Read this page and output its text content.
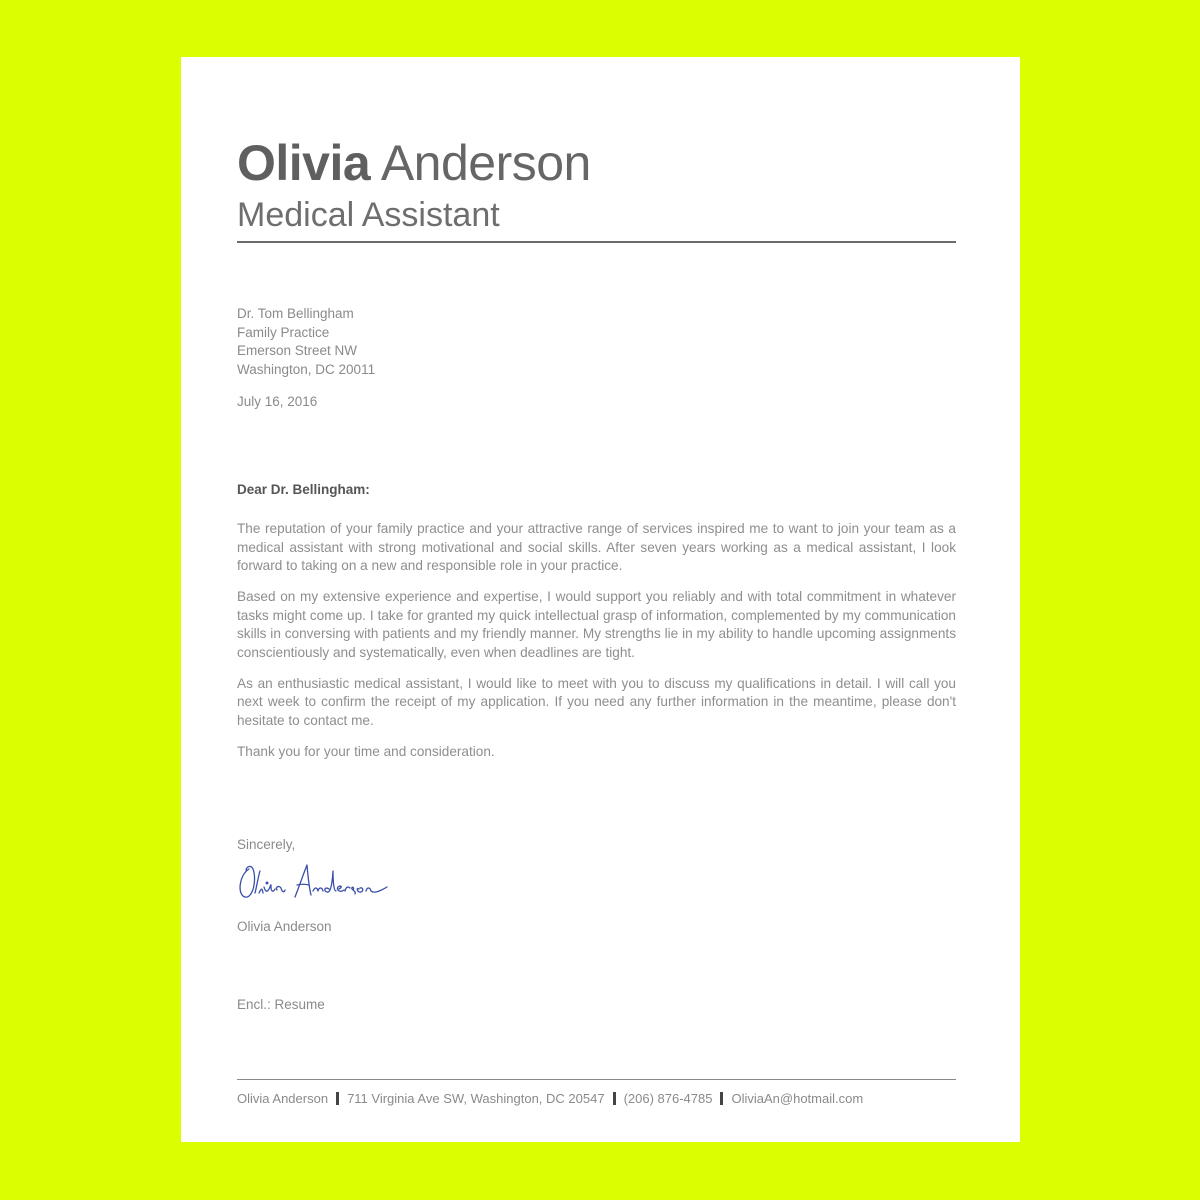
Olivia Anderson
Medical Assistant
Dr. Tom Bellingham
Family Practice
Emerson Street NW
Washington, DC 20011
July 16, 2016
Dear Dr. Bellingham:

The reputation of your family practice and your attractive range of services inspired me to want to join your team as a medical assistant with strong motivational and social skills. After seven years working as a medical assistant, I look forward to taking on a new and responsible role in your practice.

Based on my extensive experience and expertise, I would support you reliably and with total commitment in whatever tasks might come up. I take for granted my quick intellectual grasp of information, complemented by my communication skills in conversing with patients and my friendly manner. My strengths lie in my ability to handle upcoming assignments conscientiously and systematically, even when deadlines are tight.

As an enthusiastic medical assistant, I would like to meet with you to discuss my qualifications in detail. I will call you next week to confirm the receipt of my application. If you need any further information in the meantime, please don't hesitate to contact me.

Thank you for your time and consideration.

Sincerely,
Olivia Anderson
Encl.: Resume
Olivia Anderson 711 Virginia Ave SW, Washington, DC 20547 (206) 876-4785 OliviaAn@hotmail.com
